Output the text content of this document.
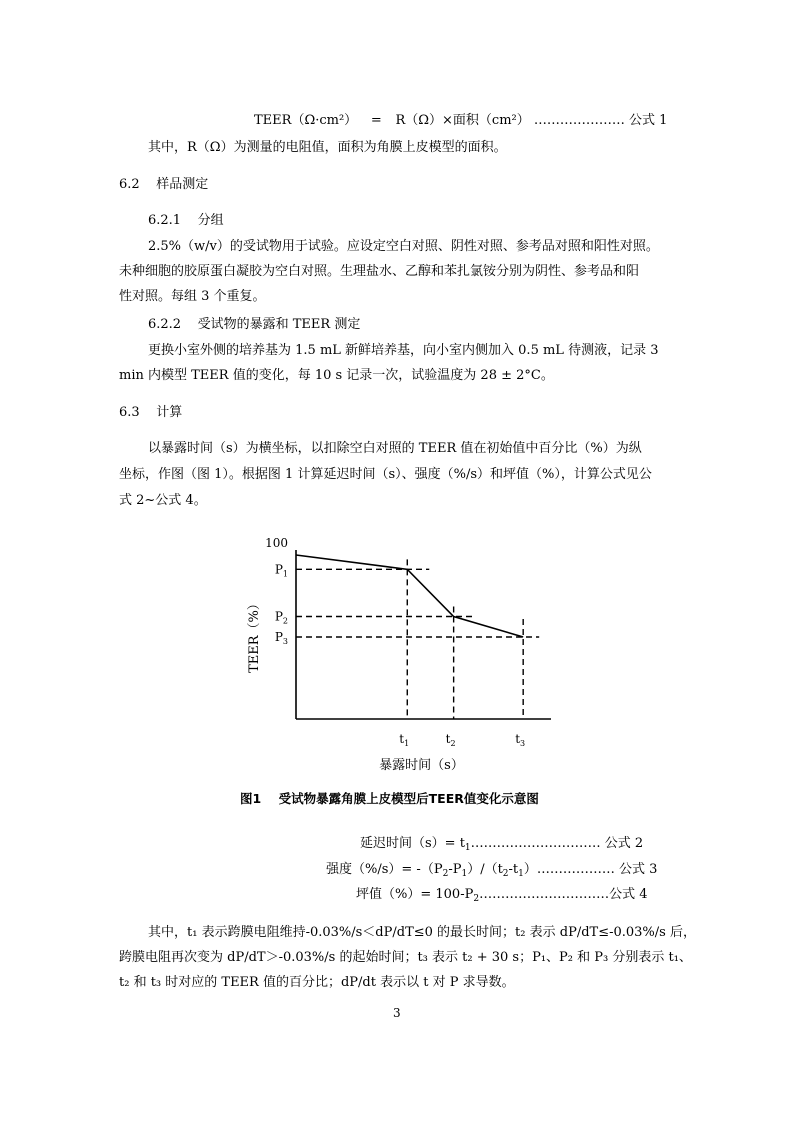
TEER（Ω·cm²） = R（Ω）×面积（cm²） ………………… 公式 1
其中，R（Ω）为测量的电阻值，面积为角膜上皮模型的面积。
6.2 样品测定
6.2.1 分组
2.5%（w/v）的受试物用于试验。应设定空白对照、阴性对照、参考品对照和阳性对照。
未种细胞的胶原蛋白凝胶为空白对照。生理盐水、乙醇和苯扎氯铵分别为阴性、参考品和阳
性对照。每组 3 个重复。
6.2.2 受试物的暴露和 TEER 测定
更换小室外侧的培养基为 1.5 mL 新鲜培养基，向小室内侧加入 0.5 mL 待测液，记录 3
min 内模型 TEER 值的变化，每 10 s 记录一次，试验温度为 28 ± 2°C。
6.3 计算
以暴露时间（s）为横坐标，以扣除空白对照的 TEER 值在初始值中百分比（%）为纵
坐标，作图（图 1）。根据图 1 计算延迟时间（s）、强度（%/s）和坪值（%），计算公式见公
式 2~公式 4。
100
$P_1$
$P_2$
$P_3$
$t_1$	$t_2$	$t_3$
暴露时间（s）
TEER（%）
图1 受试物暴露角膜上皮模型后TEER值变化示意图
延迟时间$(s)= t_1\dots\dots\dots\dots\dots\dots\dots\dots\dots\dots$ 公式 2
强度$(\%/s)= -(P_2-P_1)/(t_2-t_1)\dots\dots\dots\dots\dots\dots$ 公式 3
坪值（%）= $100-P_2\dots\dots\dots\dots\dots\dots\dots\dots\dots\dots$公式 4
其中，t₁ 表示跨膜电阻维持-0.03%/s＜dP/dT≤0 的最长时间；t₂ 表示 dP/dT≤-0.03%/s 后，
跨膜电阻再次变为 dP/dT＞-0.03%/s 的起始时间；t₃ 表示 t₂ + 30 s；P₁、P₂ 和 P₃ 分别表示 t₁、
t₂ 和 t₃ 时对应的 TEER 值的百分比；dP/dt 表示以 t 对 P 求导数。
3
